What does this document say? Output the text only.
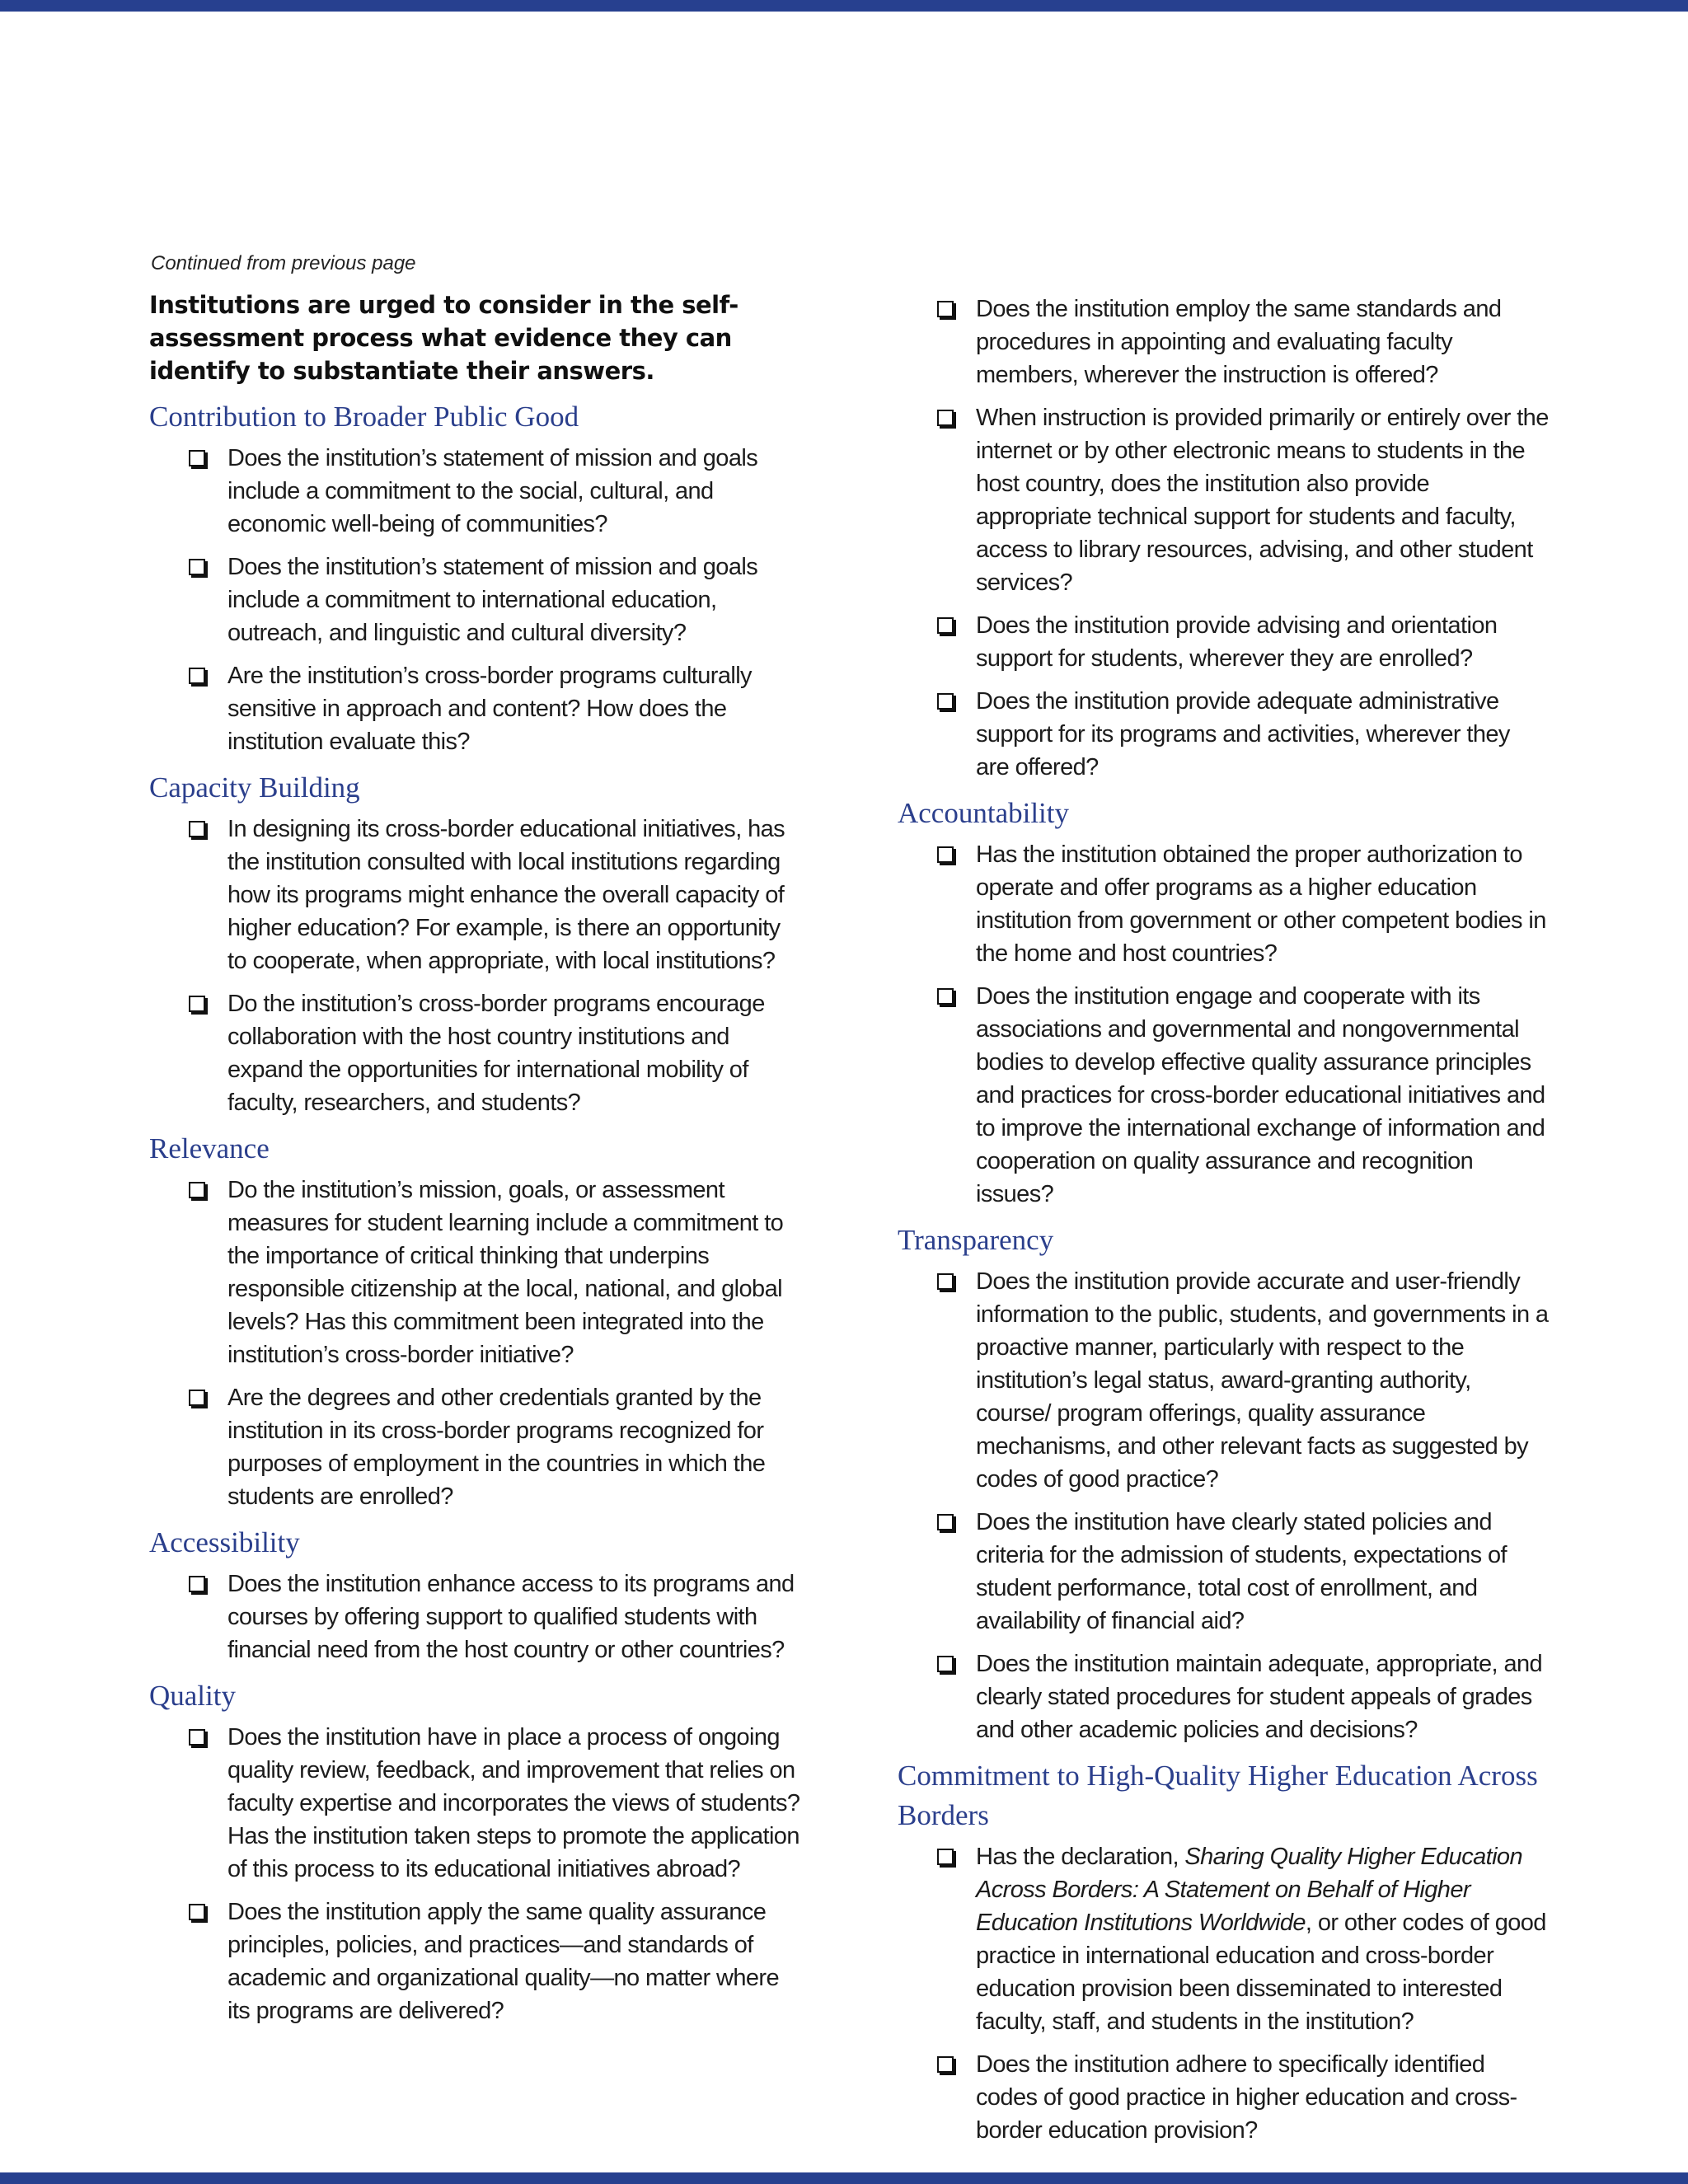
Continued from previous page

Institutions are urged to consider in the self-assessment process what evidence they can identify to substantiate their answers.

Contribution to Broader Public Good
Does the institution’s statement of mission and goals include a commitment to the social, cultural, and economic well-being of communities?
Does the institution’s statement of mission and goals include a commitment to international education, outreach, and linguistic and cultural diversity?
Are the institution’s cross-border programs culturally sensitive in approach and content? How does the institution evaluate this?
Capacity Building
In designing its cross-border educational initiatives, has the institution consulted with local institutions regarding how its programs might enhance the overall capacity of higher education? For example, is there an opportunity to cooperate, when appropriate, with local institutions?
Do the institution’s cross-border programs encourage collaboration with the host country institutions and expand the opportunities for international mobility of faculty, researchers, and students?
Relevance
Do the institution’s mission, goals, or assessment measures for student learning include a commitment to the importance of critical thinking that underpins responsible citizenship at the local, national, and global levels? Has this commitment been integrated into the institution’s cross-border initiative?
Are the degrees and other credentials granted by the institution in its cross-border programs recognized for purposes of employment in the countries in which the students are enrolled?
Accessibility
Does the institution enhance access to its programs and courses by offering support to qualified students with financial need from the host country or other countries?
Quality
Does the institution have in place a process of ongoing quality review, feedback, and improvement that relies on faculty expertise and incorporates the views of students? Has the institution taken steps to promote the application of this process to its educational initiatives abroad?
Does the institution apply the same quality assurance principles, policies, and practices—and standards of academic and organizational quality—no matter where its programs are delivered?
Does the institution employ the same standards and procedures in appointing and evaluating faculty members, wherever the instruction is offered?
When instruction is provided primarily or entirely over the internet or by other electronic means to students in the host country, does the institution also provide appropriate technical support for students and faculty, access to library resources, advising, and other student services?
Does the institution provide advising and orientation support for students, wherever they are enrolled?
Does the institution provide adequate administrative support for its programs and activities, wherever they are offered?
Accountability
Has the institution obtained the proper authorization to operate and offer programs as a higher education institution from government or other competent bodies in the home and host countries?
Does the institution engage and cooperate with its associations and governmental and nongovernmental bodies to develop effective quality assurance principles and practices for cross-border educational initiatives and to improve the international exchange of information and cooperation on quality assurance and recognition issues?
Transparency
Does the institution provide accurate and user-friendly information to the public, students, and governments in a proactive manner, particularly with respect to the institution’s legal status, award-granting authority, course/ program offerings, quality assurance mechanisms, and other relevant facts as suggested by codes of good practice?
Does the institution have clearly stated policies and criteria for the admission of students, expectations of student performance, total cost of enrollment, and availability of financial aid?
Does the institution maintain adequate, appropriate, and clearly stated procedures for student appeals of grades and other academic policies and decisions?
Commitment to High-Quality Higher Education Across Borders
Has the declaration, Sharing Quality Higher Education Across Borders: A Statement on Behalf of Higher Education Institutions Worldwide, or other codes of good practice in international education and cross-border education provision been disseminated to interested faculty, staff, and students in the institution?
Does the institution adhere to specifically identified codes of good practice in higher education and cross-border education provision?
